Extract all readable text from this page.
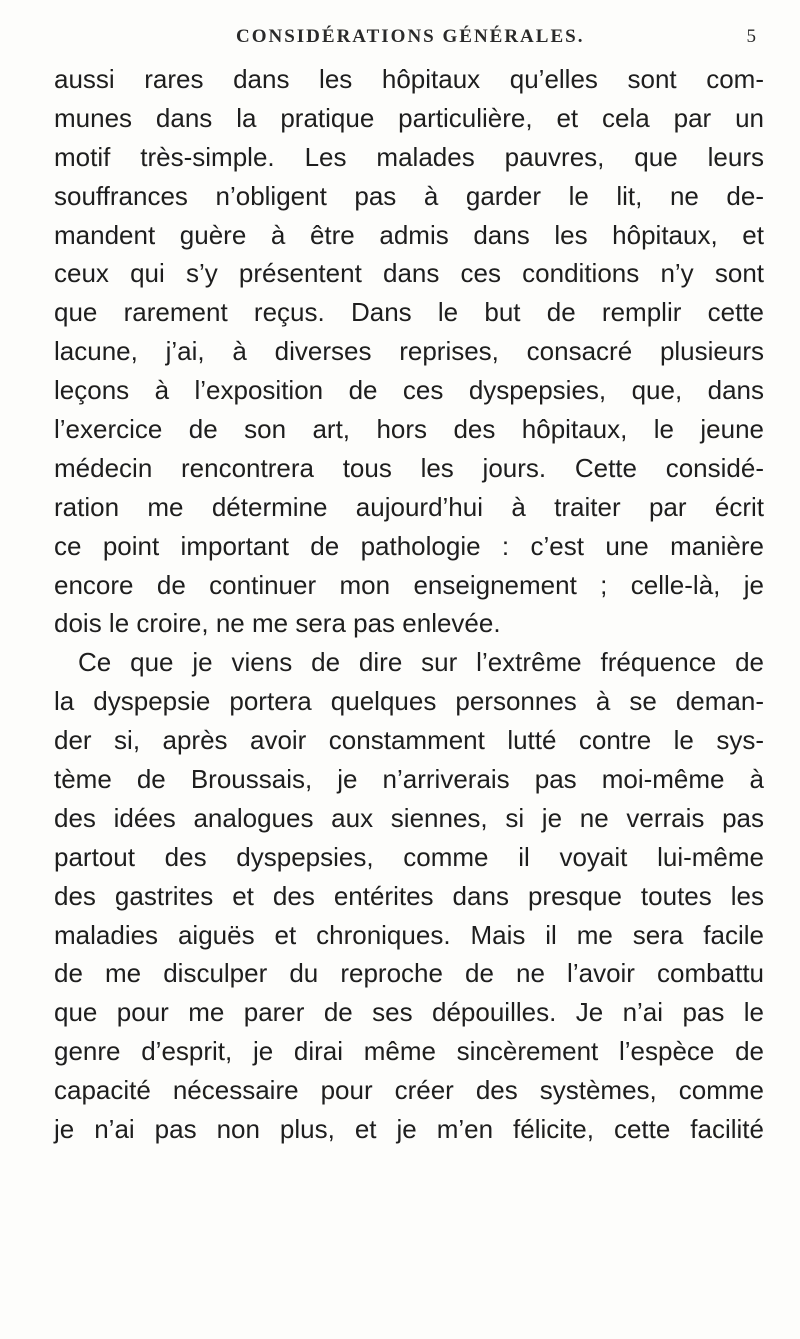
CONSIDÉRATIONS GÉNÉRALES.	5
aussi rares dans les hôpitaux qu’elles sont com-
munes dans la pratique particulière, et cela par un
motif très-simple. Les malades pauvres, que leurs
souffrances n’obligent pas à garder le lit, ne de-
mandent guère à être admis dans les hôpitaux, et
ceux qui s’y présentent dans ces conditions n’y sont
que rarement reçus. Dans le but de remplir cette
lacune, j’ai, à diverses reprises, consacré plusieurs
leçons à l’exposition de ces dyspepsies, que, dans
l’exercice de son art, hors des hôpitaux, le jeune
médecin rencontrera tous les jours. Cette considé-
ration me détermine aujourd’hui à traiter par écrit
ce point important de pathologie : c’est une manière
encore de continuer mon enseignement ; celle-là, je
dois le croire, ne me sera pas enlevée.
Ce que je viens de dire sur l’extrême fréquence de
la dyspepsie portera quelques personnes à se deman-
der si, après avoir constamment lutté contre le sys-
tème de Broussais, je n’arriverais pas moi-même à
des idées analogues aux siennes, si je ne verrais pas
partout des dyspepsies, comme il voyait lui-même
des gastrites et des entérites dans presque toutes les
maladies aiguës et chroniques. Mais il me sera facile
de me disculper du reproche de ne l’avoir combattu
que pour me parer de ses dépouilles. Je n’ai pas le
genre d’esprit, je dirai même sincèrement l’espèce de
capacité nécessaire pour créer des systèmes, comme
je n’ai pas non plus, et je m’en félicite, cette facilité
